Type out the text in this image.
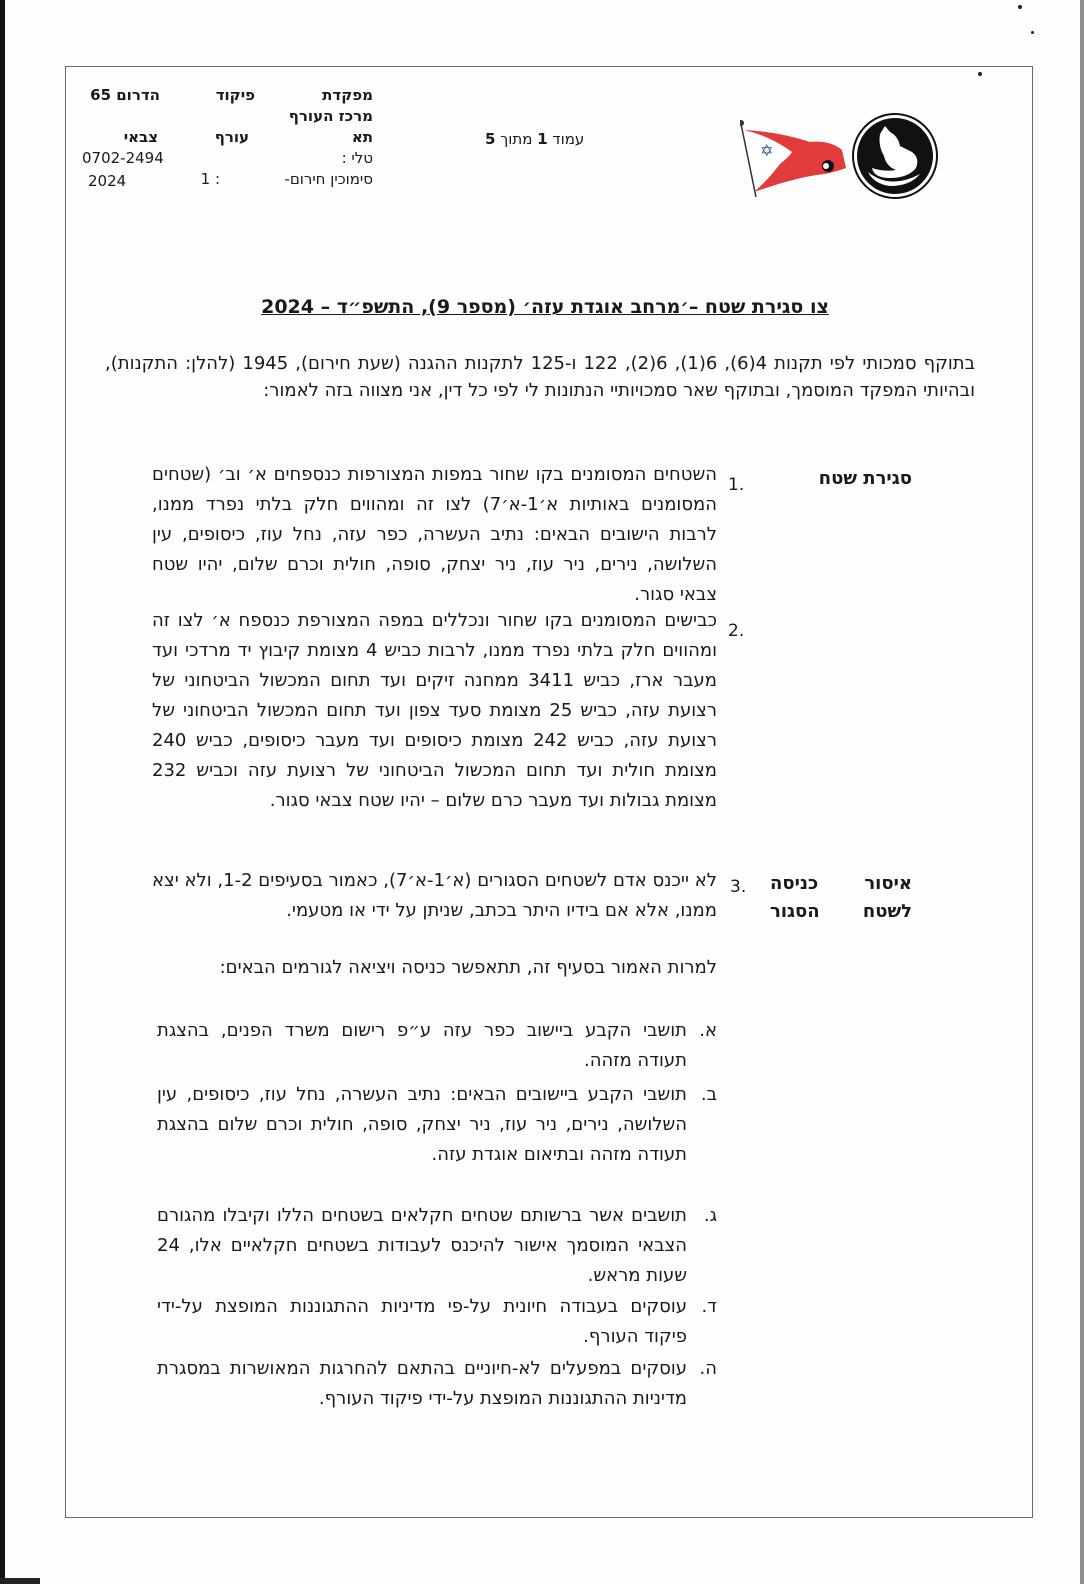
מפקדת
מרכז העורף
תא
טלי :
סימוכין חירום-
פיקוד
עורף
: 1
הדרום 65
צבאי
0702-2494
2024
עמוד 1 מתוך 5
✡
צו סגירת שטח –׳מרחב אוגדת עזה׳ (מספר 9), התשפ״ד – 2024
בתוקף סמכותי לפי תקנות 4(6), 6(1), 6(2), 122 ו-125 לתקנות ההגנה (שעת חירום), 1945 (להלן: התקנות), ובהיותי המפקד המוסמך, ובתוקף שאר סמכויותיי הנתונות לי לפי כל דין, אני מצווה בזה לאמור:
סגירת שטח
1.
השטחים המסומנים בקו שחור במפות המצורפות כנספחים א׳ וב׳ (שטחים המסומנים באותיות א׳1-א׳7) לצו זה ומהווים חלק בלתי נפרד ממנו, לרבות הישובים הבאים: נתיב העשרה, כפר עזה, נחל עוז, כיסופים, עין השלושה, נירים, ניר עוז, ניר יצחק, סופה, חולית וכרם שלום, יהיו שטח צבאי סגור.
2.
כבישים המסומנים בקו שחור ונכללים במפה המצורפת כנספח א׳ לצו זה ומהווים חלק בלתי נפרד ממנו, לרבות כביש 4 מצומת קיבוץ יד מרדכי ועד מעבר ארז, כביש 3411 ממחנה זיקים ועד תחום המכשול הביטחוני של רצועת עזה, כביש 25 מצומת סעד צפון ועד תחום המכשול הביטחוני של רצועת עזה, כביש 242 מצומת כיסופים ועד מעבר כיסופים, כביש 240 מצומת חולית ועד תחום המכשול הביטחוני של רצועת עזה וכביש 232 מצומת גבולות ועד מעבר כרם שלום – יהיו שטח צבאי סגור.
איסור כניסה לשטח הסגור
3.
לא ייכנס אדם לשטחים הסגורים (א׳1-א׳7), כאמור בסעיפים 1-2, ולא יצא ממנו, אלא אם בידיו היתר בכתב, שניתן על ידי או מטעמי.
למרות האמור בסעיף זה, תתאפשר כניסה ויציאה לגורמים הבאים:
א.
תושבי הקבע ביישוב כפר עזה ע״פ רישום משרד הפנים, בהצגת תעודה מזהה.
ב.
תושבי הקבע ביישובים הבאים: נתיב העשרה, נחל עוז, כיסופים, עין השלושה, נירים, ניר עוז, ניר יצחק, סופה, חולית וכרם שלום בהצגת תעודה מזהה ובתיאום אוגדת עזה.
ג.
תושבים אשר ברשותם שטחים חקלאים בשטחים הללו וקיבלו מהגורם הצבאי המוסמך אישור להיכנס לעבודות בשטחים חקלאיים אלו, 24 שעות מראש.
ד.
עוסקים בעבודה חיונית על-פי מדיניות ההתגוננות המופצת על-ידי פיקוד העורף.
ה.
עוסקים במפעלים לא-חיוניים בהתאם להחרגות המאושרות במסגרת מדיניות ההתגוננות המופצת על-ידי פיקוד העורף.
